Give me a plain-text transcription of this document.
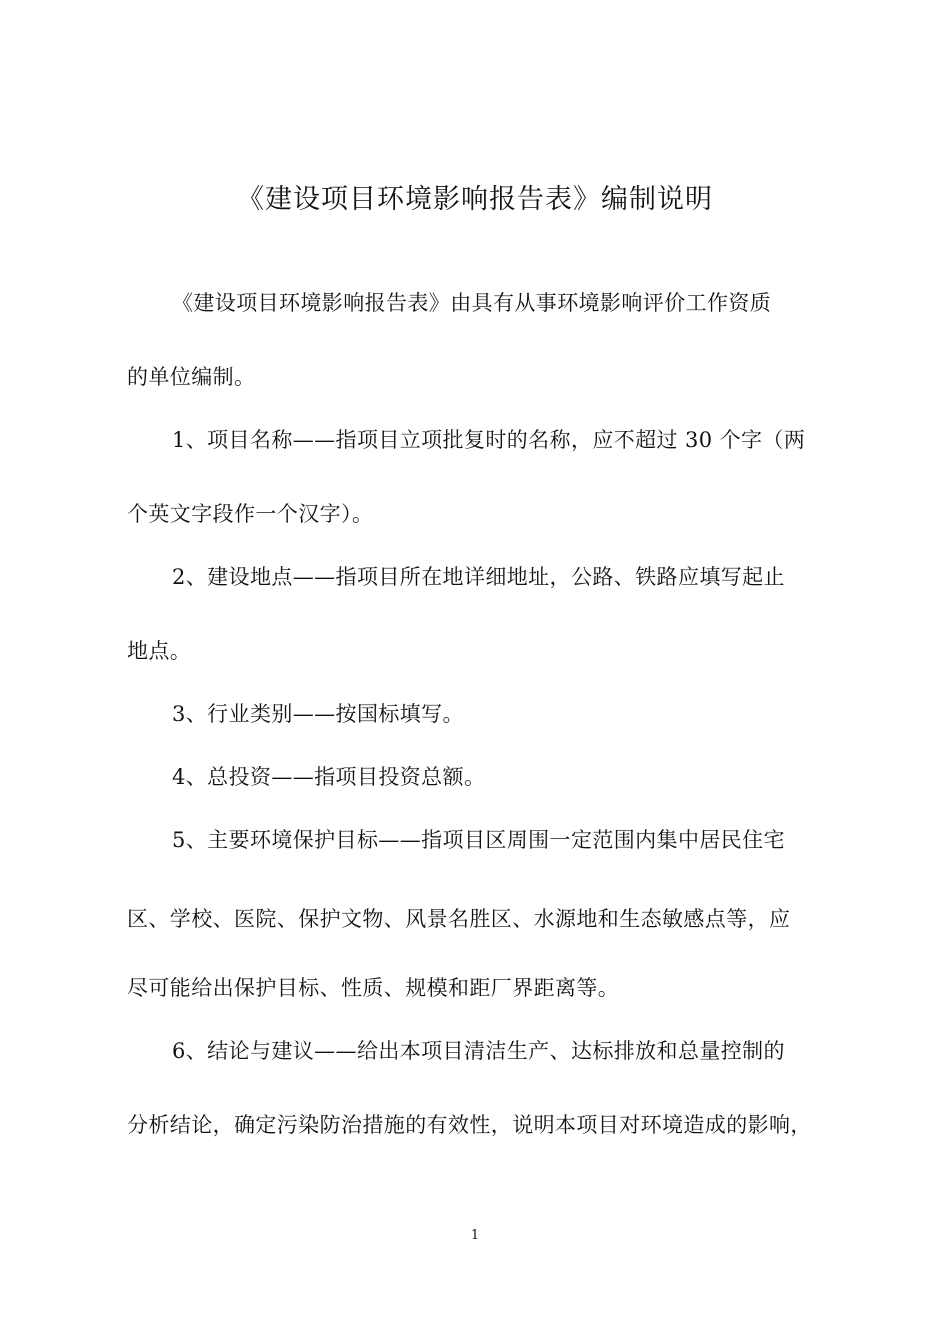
《建设项目环境影响报告表》编制说明
《建设项目环境影响报告表》由具有从事环境影响评价工作资质
的单位编制。
1、项目名称——指项目立项批复时的名称，应不超过 30 个字（两
个英文字段作一个汉字）。
2、建设地点——指项目所在地详细地址，公路、铁路应填写起止
地点。
3、行业类别——按国标填写。
4、总投资——指项目投资总额。
5、主要环境保护目标——指项目区周围一定范围内集中居民住宅
区、学校、医院、保护文物、风景名胜区、水源地和生态敏感点等，应
尽可能给出保护目标、性质、规模和距厂界距离等。
6、结论与建议——给出本项目清洁生产、达标排放和总量控制的
分析结论，确定污染防治措施的有效性，说明本项目对环境造成的影响，
1
